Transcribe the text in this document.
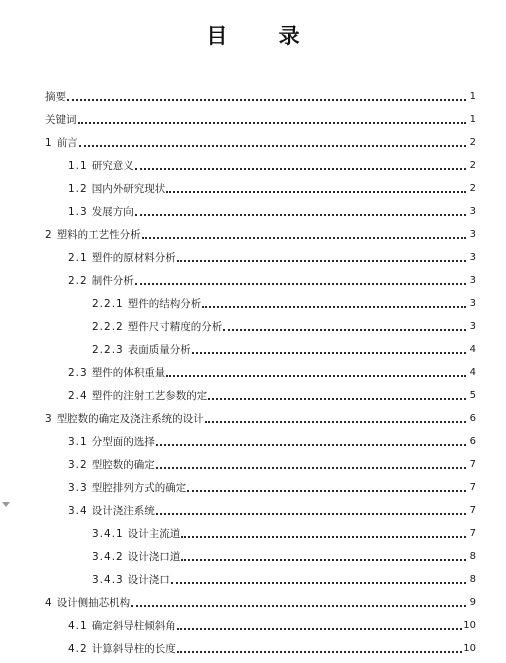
目 录
摘要	1
关键词	1
1 前言	2
1.1 研究意义	2
1.2 国内外研究现状	2
1.3 发展方向	3
2 塑料的工艺性分析	3
2.1 塑件的原材料分析	3
2.2 制件分析	3
2.2.1 塑件的结构分析	3
2.2.2 塑件尺寸精度的分析	3
2.2.3 表面质量分析	4
2.3 塑件的体积重量	4
2.4 塑件的注射工艺参数的定	5
3 型腔数的确定及浇注系统的设计	6
3.1 分型面的选择	6
3.2 型腔数的确定	7
3.3 型腔排列方式的确定	7
3.4 设计浇注系统	7
3.4.1 设计主流道	7
3.4.2 设计浇口道	8
3.4.3 设计浇口	8
4 设计侧抽芯机构	9
4.1 确定斜导柱倾斜角	10
4.2 计算斜导柱的长度	10
